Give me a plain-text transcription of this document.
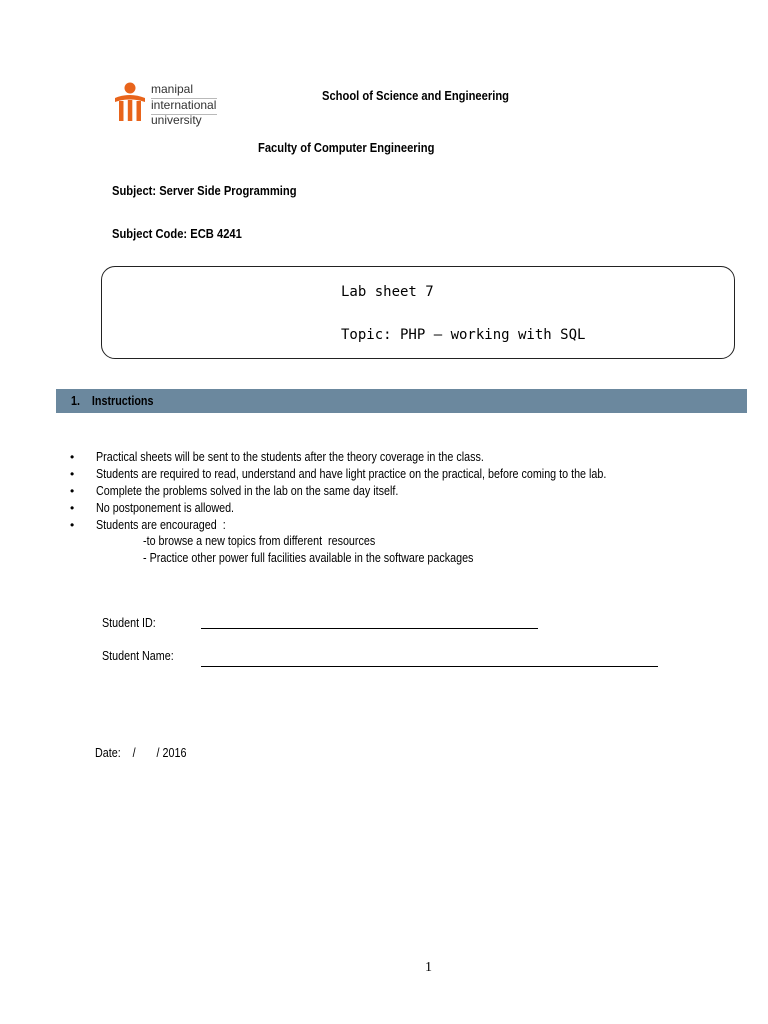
manipal
international
university
School of Science and Engineering
Faculty of Computer Engineering
Subject: Server Side Programming
Subject Code: ECB 4241
Lab sheet 7
Topic: PHP – working with SQL
1.    Instructions
• Practical sheets will be sent to the students after the theory coverage in the class.
• Students are required to read, understand and have light practice on the practical, before coming to the lab.
• Complete the problems solved in the lab on the same day itself.
• No postponement is allowed.
• Students are encouraged  :
-to browse a new topics from different  resources
- Practice other power full facilities available in the software packages
Student ID:
Student Name:
Date:    /       / 2016
1
